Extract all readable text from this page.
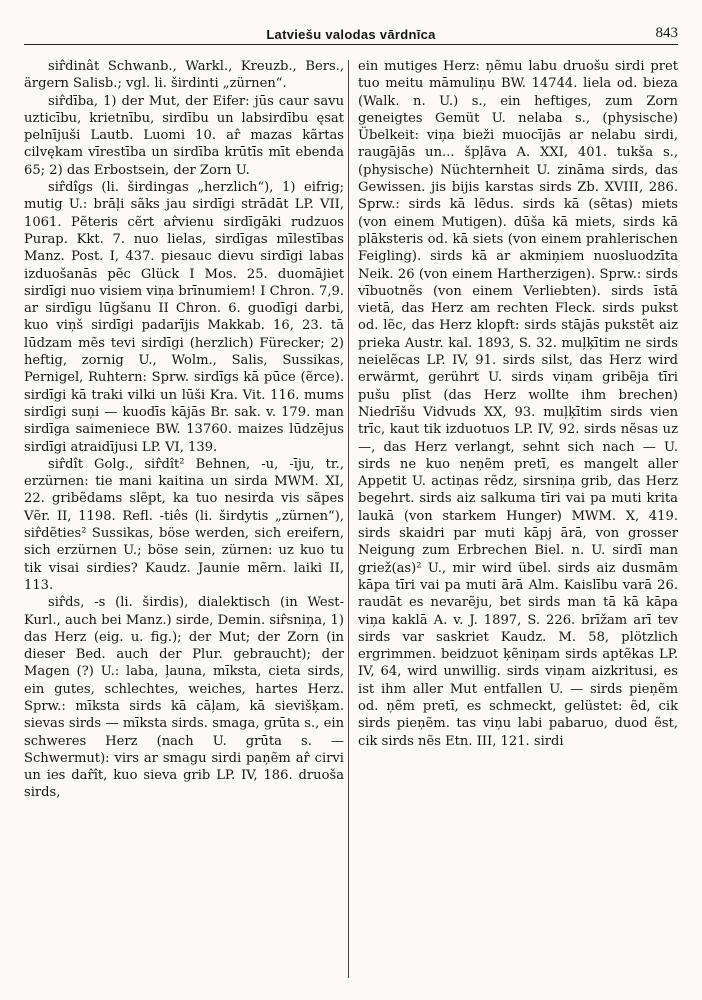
Latviešu valodas vārdnīca	843

sir̂dinât Schwanb., Warkl., Kreuzb., Bers., ärgern Salisb.; vgl. li. širdinti „zürnen“.

sir̂dība, 1) der Mut, der Eifer: jūs caur savu uzticību, krietnību, sirdību un labsirdību ęsat pelnījuši Lautb. Luomi 10. ar̂ mazas kãrtas cilvękam vīrestība un sirdība krūtīs mīt ebenda 65; 2) das Erbostsein, der Zorn U.

sir̂dîgs (li. širdingas „herzlich“), 1) eifrig; mutig U.: brāļi sãks jau sirdīgi strādāt LP. VII, 1061. Pẽteris cẽrt ar̂vienu sirdīgāki rudzuos Purap. Kkt. 7. nuo lielas, sirdīgas mīlestības Manz. Post. I, 437. piesauc dievu sirdīgi labas izduošanās pẽc Glück I Mos. 25. duomājiet sirdīgi nuo visiem viņa brīnumiem! I Chron. 7,9. ar sirdīgu lūgšanu II Chron. 6. guodīgi darbi, kuo viņš sirdīgi padarījis Makkab. 16, 23. tā lūdzam mẽs tevi sirdīgi (herzlich) Fürecker; 2) heftig, zornig U., Wolm., Salis, Sussikas, Pernigel, Ruhtern: Sprw. sirdīgs kā pūce (ẽrce). sirdīgi kā traki vilki un lūši Kra. Vit. 116. mums sirdīgi suņi — kuodīs kājās Br. sak. v. 179. man sirdīga saimeniece BW. 13760. maizes lūdzējus sirdīgi atraidījusi LP. VI, 139.

sir̂dît Golg., sir̂dît² Behnen, -u, -īju, tr., erzürnen: tie mani kaitina un sirda MWM. XI, 22. gribẽdams slẽpt, ka tuo nesirda vis sãpes Vẽr. II, 1198. Refl. -tiês (li. širdytis „zürnen“), sir̂dẽties² Sussikas, böse werden, sich ereifern, sich erzürnen U.; böse sein, zürnen: uz kuo tu tik visai sirdies? Kaudz. Jaunie mẽrn. laiki II, 113.

sir̂ds, -s (li. širdis), dialektisch (in West-Kurl., auch bei Manz.) sirde, Demin. sir̂sniņa, 1) das Herz (eig. u. fig.); der Mut; der Zorn (in dieser Bed. auch der Plur. gebraucht); der Magen (?) U.: laba, ļauna, mīksta, cieta sirds, ein gutes, schlechtes, weiches, hartes Herz. Sprw.: mīksta sirds kā cāļam, kā sievišķam. sievas sirds — mīksta sirds. smaga, grūta s., ein schweres Herz (nach U. grūta s. — Schwermut): virs ar smagu sirdi paņẽm ar̂ cirvi un ies dar̂ît, kuo sieva grib LP. IV, 186. druoša sirds,

ein mutiges Herz: ņẽmu labu druošu sirdi pret tuo meitu māmuliņu BW. 14744. liela od. bieza (Walk. n. U.) s., ein heftiges, zum Zorn geneigtes Gemüt U. nelaba s., (physische) Übelkeit: viņa bieži muocījās ar nelabu sirdi, raugājās un... špļãva A. XXI, 401. tukša s., (physische) Nüchternheit U. zināma sirds, das Gewissen. jis bijis karstas sirds Zb. XVIII, 286. Sprw.: sirds kā lẽdus. sirds kā (sẽtas) miets (von einem Mutigen). dūša kā miets, sirds kā plāksteris od. kā siets (von einem prahlerischen Feigling). sirds kā ar akmiņiem nuosluodzīta Neik. 26 (von einem Hartherzigen). Sprw.: sirds vībuotnẽs (von einem Verliebten). sirds īstā vietā, das Herz am rechten Fleck. sirds pukst od. lẽc, das Herz klopft: sirds stājās pukstẽt aiz prieka Austr. kal. 1893, S. 32. muļķītim ne sirds neielẽcas LP. IV, 91. sirds silst, das Herz wird erwärmt, gerührt U. sirds viņam gribẽja tīri pušu plīst (das Herz wollte ihm brechen) Niedrīšu Vidvuds XX, 93. muļķītim sirds vien trīc, kaut tik izduotuos LP. IV, 92. sirds nẽsas uz —, das Herz verlangt, sehnt sich nach — U. sirds ne kuo neņẽm pretī, es mangelt aller Appetit U. actiņas rẽdz, sirsniņa grib, das Herz begehrt. sirds aiz salkuma tīri vai pa muti krita laukā (von starkem Hunger) MWM. X, 419. sirds skaidri par muti kāpj ārā, von grosser Neigung zum Erbrechen Biel. n. U. sirdī man griež(as)² U., mir wird übel. sirds aiz dusmām kāpa tīri vai pa muti ārā Alm. Kaislību varā 26. raudāt es nevarẽju, bet sirds man tā kā kāpa viņa kaklā A. v. J. 1897, S. 226. brīžam arī tev sirds var saskriet Kaudz. M. 58, plötzlich ergrimmen. beidzuot ķẽniņam sirds aptẽkas LP. IV, 64, wird unwillig. sirds viņam aizkritusi, es ist ihm aller Mut entfallen U. — sirds pieņẽm od. ņẽm pretī, es schmeckt, gelüstet: ẽd, cik sirds pieņẽm. tas viņu labi pabaruo, duod ẽst, cik sirds nẽs Etn. III, 121. sirdi
